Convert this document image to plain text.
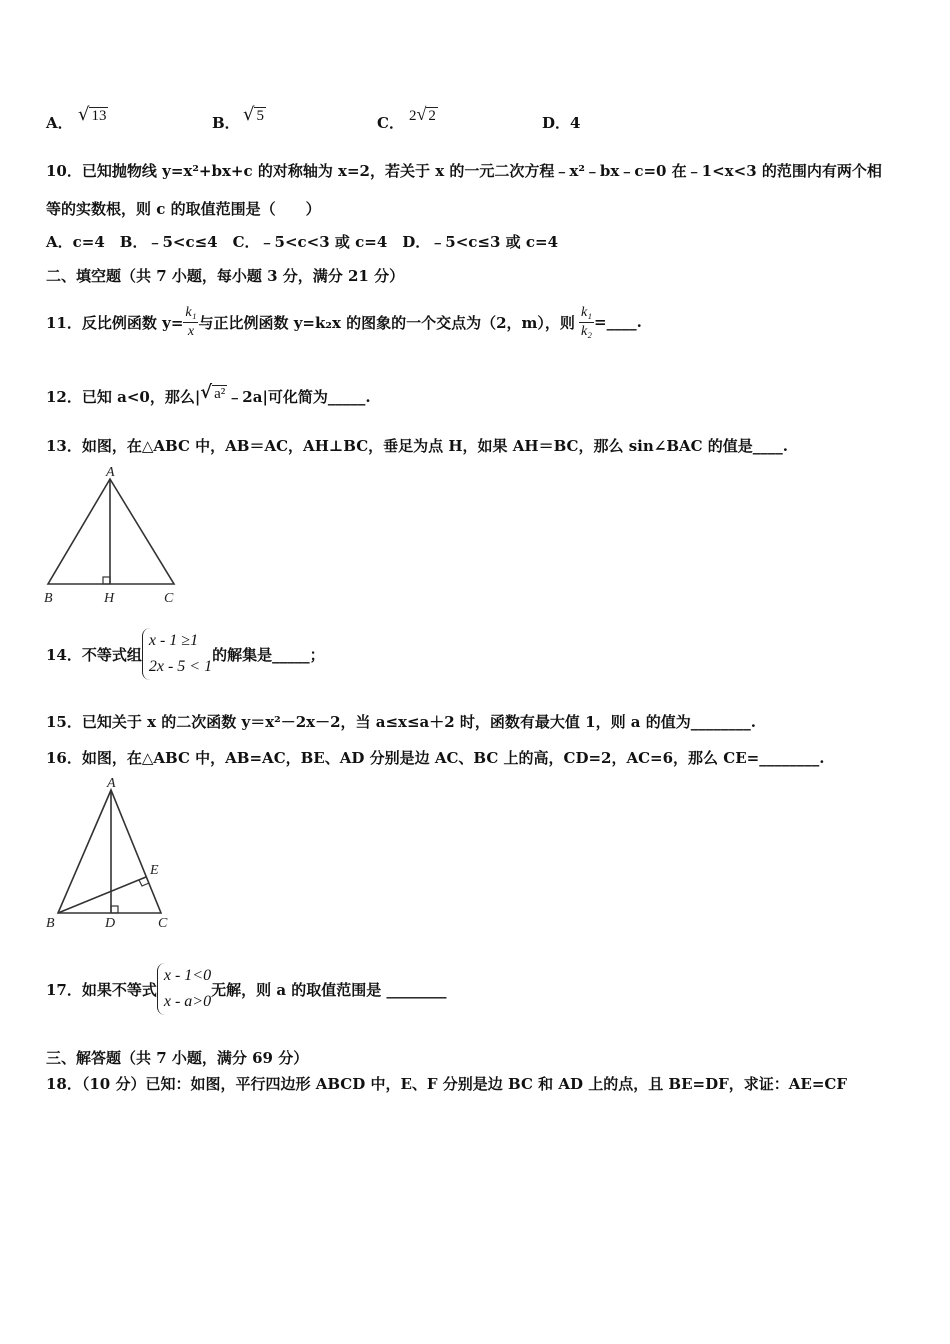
A． √ 13	B． √ 5	C． 2√ 2	D．4
10．已知抛物线 y=x²+bx+c 的对称轴为 x=2，若关于 x 的一元二次方程﹣x²﹣bx﹣c=0 在﹣1<x<3 的范围内有两个相
等的实数根，则 c 的取值范围是（　　）
A．c=4　B．﹣5<c≤4　C．﹣5<c<3 或 c=4　D．﹣5<c≤3 或 c=4
二、填空题（共 7 小题，每小题 3 分，满分 21 分）
11．反比例函数 $y= \frac{\text{k₁}}{x}$ 与正比例函数 y=k₂x 的图象的一个交点为（2，m），则 $\frac{\text{k₁}}{\text{k₂}}$ =____.
12．已知 a<0，那么| √ a² ﹣2a|可化简为_____.
13．如图，在△ABC 中，AB＝AC，AH⊥BC，垂足为点 H，如果 AH＝BC，那么 sin∠BAC 的值是____.
A
B	H	C
14．不等式组
x - 1 ≥1
2x - 5 < 1
的解集是_____；
15．已知关于 x 的二次函数 y＝x²－2x－2，当 a≤x≤a＋2 时，函数有最大值 1，则 a 的值为________.
16．如图，在△ABC 中，AB=AC，BE、AD 分别是边 AC、BC 上的高，CD=2，AC=6，那么 CE=________.
A
E
B	D	C
17．如果不等式
x - 1<0
x - a>0
无解，则 a 的取值范围是 ________
三、解答题（共 7 小题，满分 69 分）
18．（10 分）已知：如图，平行四边形 ABCD 中，E、F 分别是边 BC 和 AD 上的点，且 BE=DF，求证：AE=CF
